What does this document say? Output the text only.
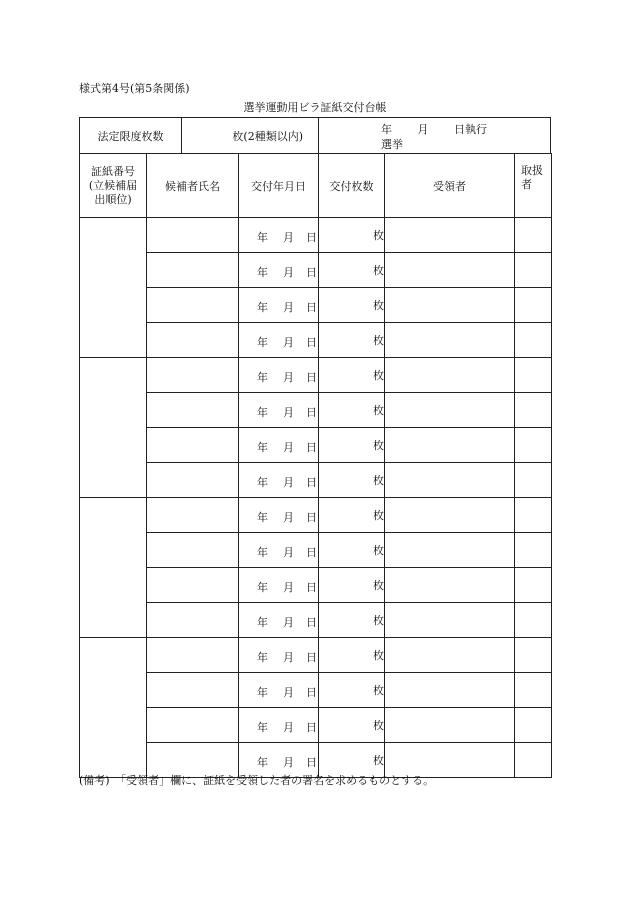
様式第4号(第5条関係)
選挙運動用ビラ証紙交付台帳
法定限度枚数	枚(2種類以内)	年 　　月 　　日執行
選挙
証紙番号
(立候補届
出順位)	候補者氏名	交付年月日	交付枚数	受領者	取扱
者

		年 月 日	枚		

		年 月 日	枚		

		年 月 日	枚		

		年 月 日	枚		

		年 月 日	枚		

		年 月 日	枚		

		年 月 日	枚		

		年 月 日	枚		

		年 月 日	枚		

		年 月 日	枚		

		年 月 日	枚		

		年 月 日	枚		

		年 月 日	枚		

		年 月 日	枚		

		年 月 日	枚		

		年 月 日	枚		
(備考)　「受領者」欄に、証紙を受領した者の署名を求めるものとする。
